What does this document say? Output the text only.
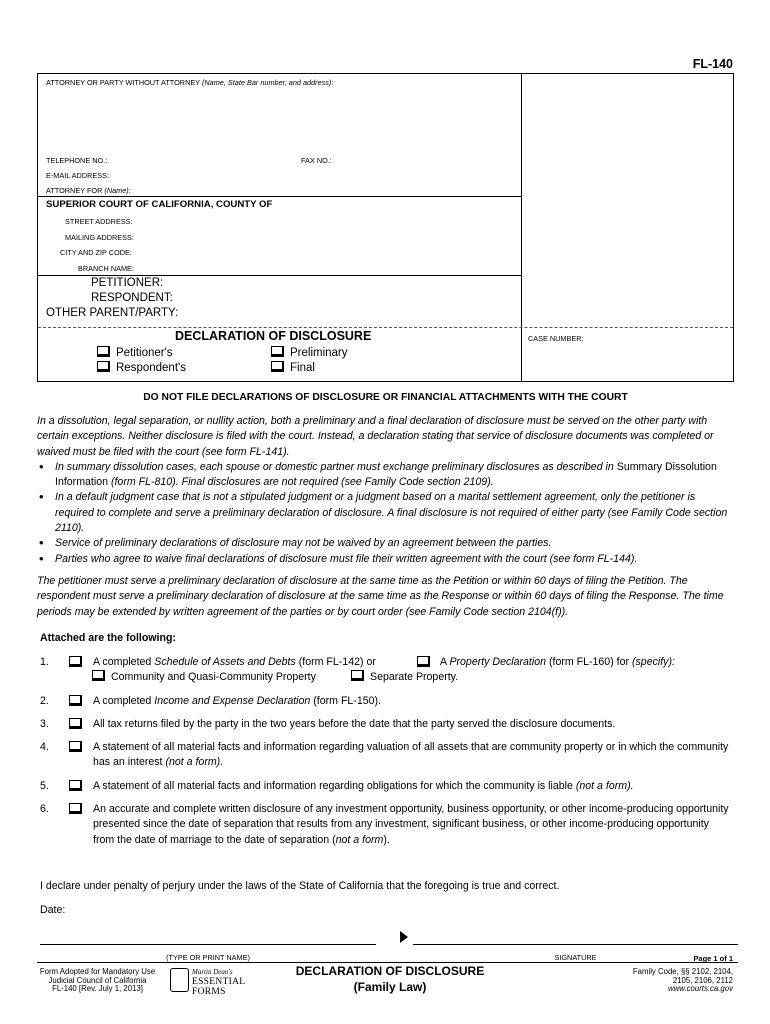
FL-140
ATTORNEY OR PARTY WITHOUT ATTORNEY (Name, State Bar number, and address):
TELEPHONE NO.:	FAX NO.:
E-MAIL ADDRESS:
ATTORNEY FOR (Name):
SUPERIOR COURT OF CALIFORNIA, COUNTY OF
STREET ADDRESS:
MAILING ADDRESS:
CITY AND ZIP CODE:
BRANCH NAME:
PETITIONER:
RESPONDENT:
OTHER PARENT/PARTY:
DECLARATION OF DISCLOSURE	CASE NUMBER:
Petitioner's
Respondent's
Preliminary
Final
DO NOT FILE DECLARATIONS OF DISCLOSURE OR FINANCIAL ATTACHMENTS WITH THE COURT
In a dissolution, legal separation, or nullity action, both a preliminary and a final declaration of disclosure must be served on the other party with certain exceptions. Neither disclosure is filed with the court. Instead, a declaration stating that service of disclosure documents was completed or waived must be filed with the court (see form FL-141).
• In summary dissolution cases, each spouse or domestic partner must exchange preliminary disclosures as described in Summary Dissolution Information (form FL-810). Final disclosures are not required (see Family Code section 2109).
• In a default judgment case that is not a stipulated judgment or a judgment based on a marital settlement agreement, only the petitioner is required to complete and serve a preliminary declaration of disclosure. A final disclosure is not required of either party (see Family Code section 2110).
• Service of preliminary declarations of disclosure may not be waived by an agreement between the parties.
• Parties who agree to waive final declarations of disclosure must file their written agreement with the court (see form FL-144).
The petitioner must serve a preliminary declaration of disclosure at the same time as the Petition or within 60 days of filing the Petition. The respondent must serve a preliminary declaration of disclosure at the same time as the Response or within 60 days of filing the Response. The time periods may be extended by written agreement of the parties or by court order (see Family Code section 2104(f)).
Attached are the following:
1.	A completed Schedule of Assets and Debts (form FL-142) or	A Property Declaration (form FL-160) for (specify):
Community and Quasi-Community Property	Separate Property.
2.	A completed Income and Expense Declaration (form FL-150).
3.	All tax returns filed by the party in the two years before the date that the party served the disclosure documents.
4.	A statement of all material facts and information regarding valuation of all assets that are community property or in which the community has an interest (not a form).
5.	A statement of all material facts and information regarding obligations for which the community is liable (not a form).
6.	An accurate and complete written disclosure of any investment opportunity, business opportunity, or other income-producing opportunity presented since the date of separation that results from any investment, significant business, or other income-producing opportunity from the date of marriage to the date of separation (not a form).
I declare under penalty of perjury under the laws of the State of California that the foregoing is true and correct.
Date:
(TYPE OR PRINT NAME)	SIGNATURE	Page 1 of 1
Form Adopted for Mandatory Use
Judicial Council of California
FL-140 [Rev. July 1, 2013]
Martin Dean's
ESSENTIAL FORMS
DECLARATION OF DISCLOSURE
(Family Law)
Family Code, §§ 2102, 2104,
2105, 2106, 2112
www.courts.ca.gov
